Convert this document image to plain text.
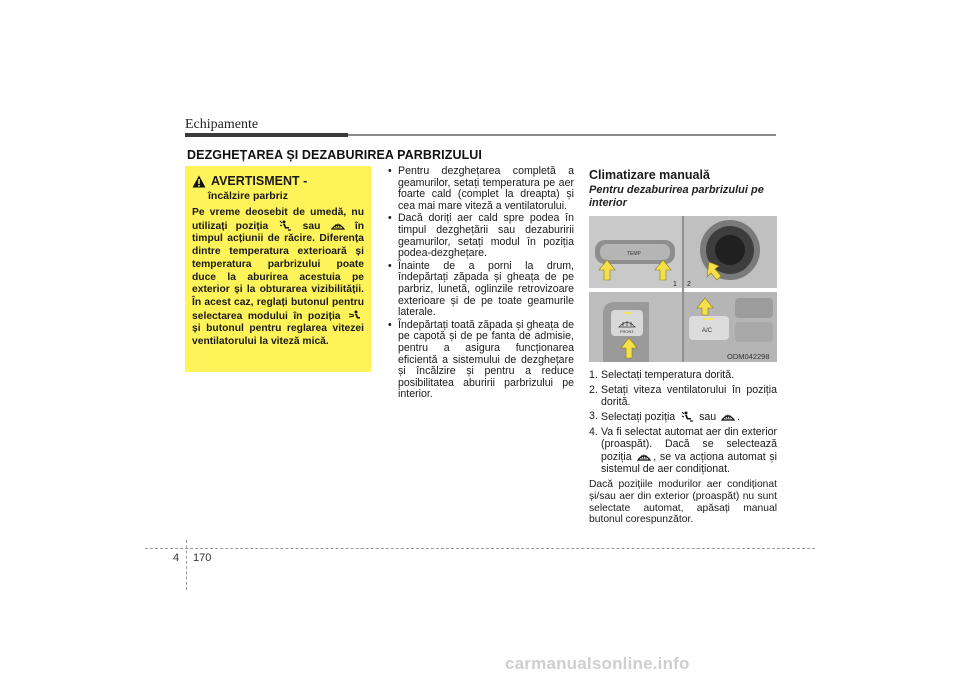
Echipamente
DEZGHEȚAREA ȘI DEZABURIREA PARBRIZULUI
AVERTISMENT -
încălzire parbriz
Pe vreme deosebit de umedă, nu utilizați poziția	sau	în timpul acțiunii de răcire. Diferența dintre temperatura exterioară și temperatura parbrizului poate duce la aburirea acestuia pe exterior și la obturarea vizibilității. În acest caz, reglați butonul pentru selectarea modului în poziția  și butonul pentru reglarea vitezei ventilatorului la viteză mică.
• Pentru dezghețarea completă a geamurilor, setați temperatura pe aer foarte cald (complet la dreapta) și cea mai mare viteză a ventilatorului.
• Dacă doriți aer cald spre podea în timpul dezghețării sau dezaburirii geamurilor, setați modul în poziția podea-dezghețare.
• Înainte de a porni la drum, îndepărtați zăpada și gheața de pe parbriz, lunetă, oglinzile retrovizoare exterioare și de pe toate geamurile laterale.
• Îndepărtați toată zăpada și gheața de pe capotă și de pe fanta de admisie, pentru a asigura funcționarea eficientă a sistemului de dezghețare și încălzire și pentru a reduce posibilitatea aburirii parbrizului pe interior.
Climatizare manuală
Pentru dezaburirea parbrizului pe interior
TEMP
1 2
FRONT	A/C
ODM042298
1. Selectați temperatura dorită.
2. Setați viteza ventilatorului în poziția dorită.
3. Selectați poziția sau .
4. Va fi selectat automat aer din exterior (proaspăt). Dacă se selectează poziția , se va acționa automat și sistemul de aer condiționat.

Dacă pozițiile modurilor aer condiționat și/sau aer din exterior (proaspăt) nu sunt selectate automat, apăsați manual butonul corespunzător.

4 170
carmanualsonline.info
